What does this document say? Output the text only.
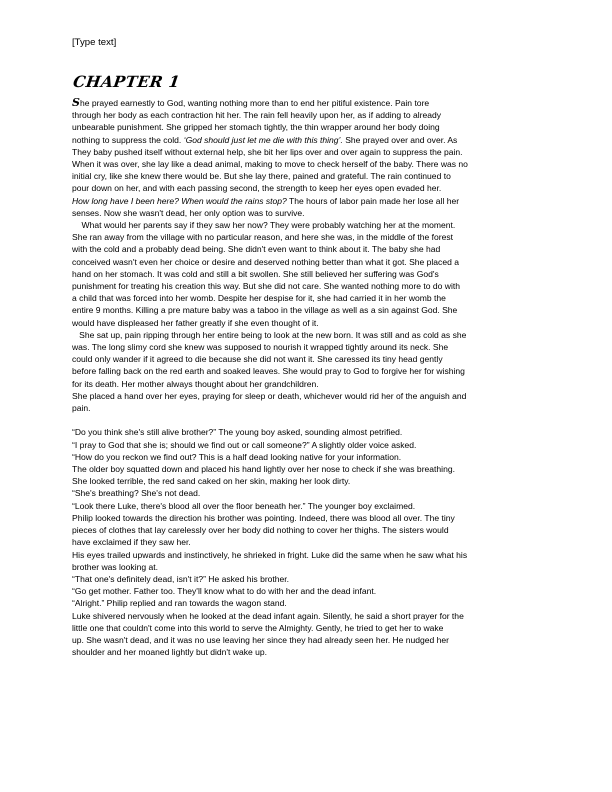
[Type text]
CHAPTER 1

She prayed earnestly to God, wanting nothing more than to end her pitiful existence. Pain tore

through her body as each contraction hit her. The rain fell heavily upon her, as if adding to already

unbearable punishment. She gripped her stomach tightly, the thin wrapper around her body doing

nothing to suppress the cold. ‘God should just let me die with this thing’. She prayed over and over. As

They baby pushed itself without external help, she bit her lips over and over again to suppress the pain.

When it was over, she lay like a dead animal, making to move to check herself of the baby. There was no

initial cry, like she knew there would be. But she lay there, pained and grateful. The rain continued to

pour down on her, and with each passing second, the strength to keep her eyes open evaded her.

How long have I been here? When would the rains stop? The hours of labor pain made her lose all her

senses. Now she wasn't dead, her only option was to survive.

What would her parents say if they saw her now? They were probably watching her at the moment.

She ran away from the village with no particular reason, and here she was, in the middle of the forest

with the cold and a probably dead being. She didn't even want to think about it. The baby she had

conceived wasn't even her choice or desire and deserved nothing better than what it got. She placed a

hand on her stomach. It was cold and still a bit swollen. She still believed her suffering was God's

punishment for treating his creation this way. But she did not care. She wanted nothing more to do with

a child that was forced into her womb. Despite her despise for it, she had carried it in her womb the

entire 9 months. Killing a pre mature baby was a taboo in the village as well as a sin against God. She

would have displeased her father greatly if she even thought of it.

She sat up, pain ripping through her entire being to look at the new born. It was still and as cold as she

was. The long slimy cord she knew was supposed to nourish it wrapped tightly around its neck. She

could only wander if it agreed to die because she did not want it. She caressed its tiny head gently

before falling back on the red earth and soaked leaves. She would pray to God to forgive her for wishing

for its death. Her mother always thought about her grandchildren.

She placed a hand over her eyes, praying for sleep or death, whichever would rid her of the anguish and

pain.

“Do you think she's still alive brother?” The young boy asked, sounding almost petrified.

“I pray to God that she is; should we find out or call someone?” A slightly older voice asked.

“How do you reckon we find out? This is a half dead looking native for your information.

The older boy squatted down and placed his hand lightly over her nose to check if she was breathing.

She looked terrible, the red sand caked on her skin, making her look dirty.

“She's breathing? She's not dead.

“Look there Luke, there's blood all over the floor beneath her.” The younger boy exclaimed.

Philip looked towards the direction his brother was pointing. Indeed, there was blood all over. The tiny

pieces of clothes that lay carelessly over her body did nothing to cover her thighs. The sisters would

have exclaimed if they saw her.

His eyes trailed upwards and instinctively, he shrieked in fright. Luke did the same when he saw what his

brother was looking at.

“That one's definitely dead, isn't it?” He asked his brother.

“Go get mother. Father too. They'll know what to do with her and the dead infant.

“Alright.” Philip replied and ran towards the wagon stand.

Luke shivered nervously when he looked at the dead infant again. Silently, he said a short prayer for the

little one that couldn't come into this world to serve the Almighty. Gently, he tried to get her to wake

up. She wasn't dead, and it was no use leaving her since they had already seen her. He nudged her

shoulder and her moaned lightly but didn't wake up.
